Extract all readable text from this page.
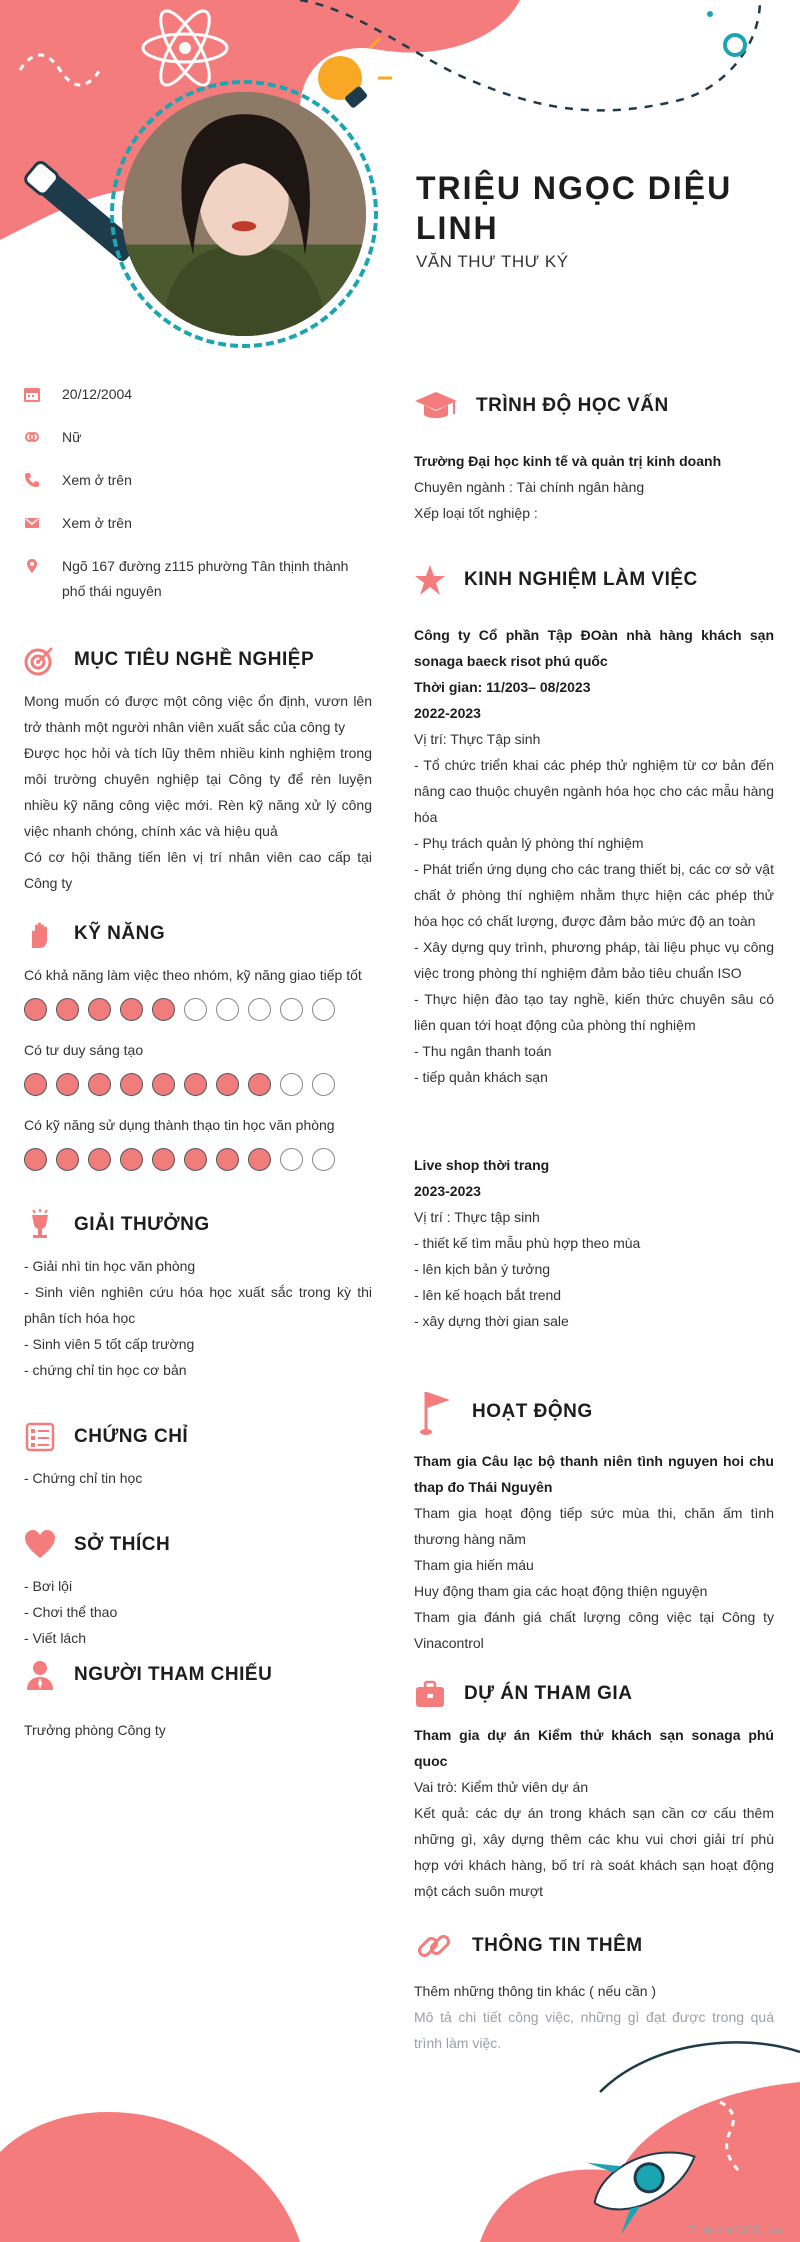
TRIỆU NGỌC DIỆU LINH
VĂN THƯ THƯ KÝ
20/12/2004
Nữ
Xem ở trên
Xem ở trên
Ngõ 167 đường z115 phường Tân thịnh thành phố thái nguyên
MỤC TIÊU NGHỀ NGHIỆP

Mong muốn có được một công việc ổn định, vươn lên trở thành một người nhân viên xuất sắc của công ty

Được học hỏi và tích lũy thêm nhiều kinh nghiệm trong môi trường chuyên nghiệp tại Công ty để rèn luyện nhiều kỹ năng công việc mới. Rèn kỹ năng xử lý công việc nhanh chóng, chính xác và hiệu quả

Có cơ hội thăng tiến lên vị trí nhân viên cao cấp tại Công ty

KỸ NĂNG
Có khả năng làm việc theo nhóm, kỹ năng giao tiếp tốt
Có tư duy sáng tạo
Có kỹ năng sử dụng thành thạo tin học văn phòng
GIẢI THƯỞNG

- Giải nhì tin học văn phòng

- Sinh viên nghiên cứu hóa học xuất sắc trong kỳ thi phân tích hóa học

- Sinh viên 5 tốt cấp trường

- chứng chỉ tin học cơ bản

CHỨNG CHỈ

- Chứng chỉ tin học

SỞ THÍCH

- Bơi lội

- Chơi thể thao

- Viết lách

NGƯỜI THAM CHIẾU

Trưởng phòng Công ty

TRÌNH ĐỘ HỌC VẤN

Trường Đại học kinh tế và quản trị kinh doanh

Chuyên ngành : Tài chính ngân hàng

Xếp loại tốt nghiệp :

KINH NGHIỆM LÀM VIỆC

Công ty Cổ phần Tập ĐOàn nhà hàng khách sạn sonaga baeck risot phú quốc

Thời gian: 11/203– 08/2023

2022-2023

Vị trí: Thực Tập sinh

- Tổ chức triển khai các phép thử nghiệm từ cơ bản đến nâng cao thuộc chuyên ngành hóa học cho các mẫu hàng hóa

- Phụ trách quản lý phòng thí nghiệm

- Phát triển ứng dụng cho các trang thiết bị, các cơ sở vật chất ở phòng thí nghiệm nhằm thực hiện các phép thử hóa học có chất lượng, được đảm bảo mức độ an toàn

- Xây dựng quy trình, phương pháp, tài liệu phục vụ công việc trong phòng thí nghiệm đảm bảo tiêu chuẩn ISO

- Thực hiện đào tạo tay nghề, kiến thức chuyên sâu có liên quan tới hoạt động của phòng thí nghiệm

- Thu ngân thanh toán

- tiếp quản khách sạn

Live shop thời trang

2023-2023

Vị trí : Thực tập sinh

- thiết kế tìm mẫu phù hợp theo mùa

- lên kịch bản ý tưởng

- lên kế hoạch bắt trend

- xây dựng thời gian sale

HOẠT ĐỘNG

Tham gia Câu lạc bộ thanh niên tình nguyen hoi chu thap đo Thái Nguyên

Tham gia hoạt động tiếp sức mùa thi, chăn ấm tình thương hàng năm

Tham gia hiến máu

Huy động tham gia các hoạt động thiện nguyện

Tham gia đánh giá chất lượng công việc tại Công ty Vinacontrol

DỰ ÁN THAM GIA

Tham gia dự án Kiểm thử khách sạn sonaga phú quoc

Vai trò: Kiểm thử viên dự án

Kết quả: các dự án trong khách sạn cần cơ cấu thêm những gì, xây dựng thêm các khu vui chơi giải trí phù hợp với khách hàng, bố trí rà soát khách sạn hoạt động một cách suôn mượt

THÔNG TIN THÊM

Thêm những thông tin khác ( nếu cần )

Mô tả chi tiết công việc, những gì đạt được trong quá trình làm việc.

Timviec365.vn
